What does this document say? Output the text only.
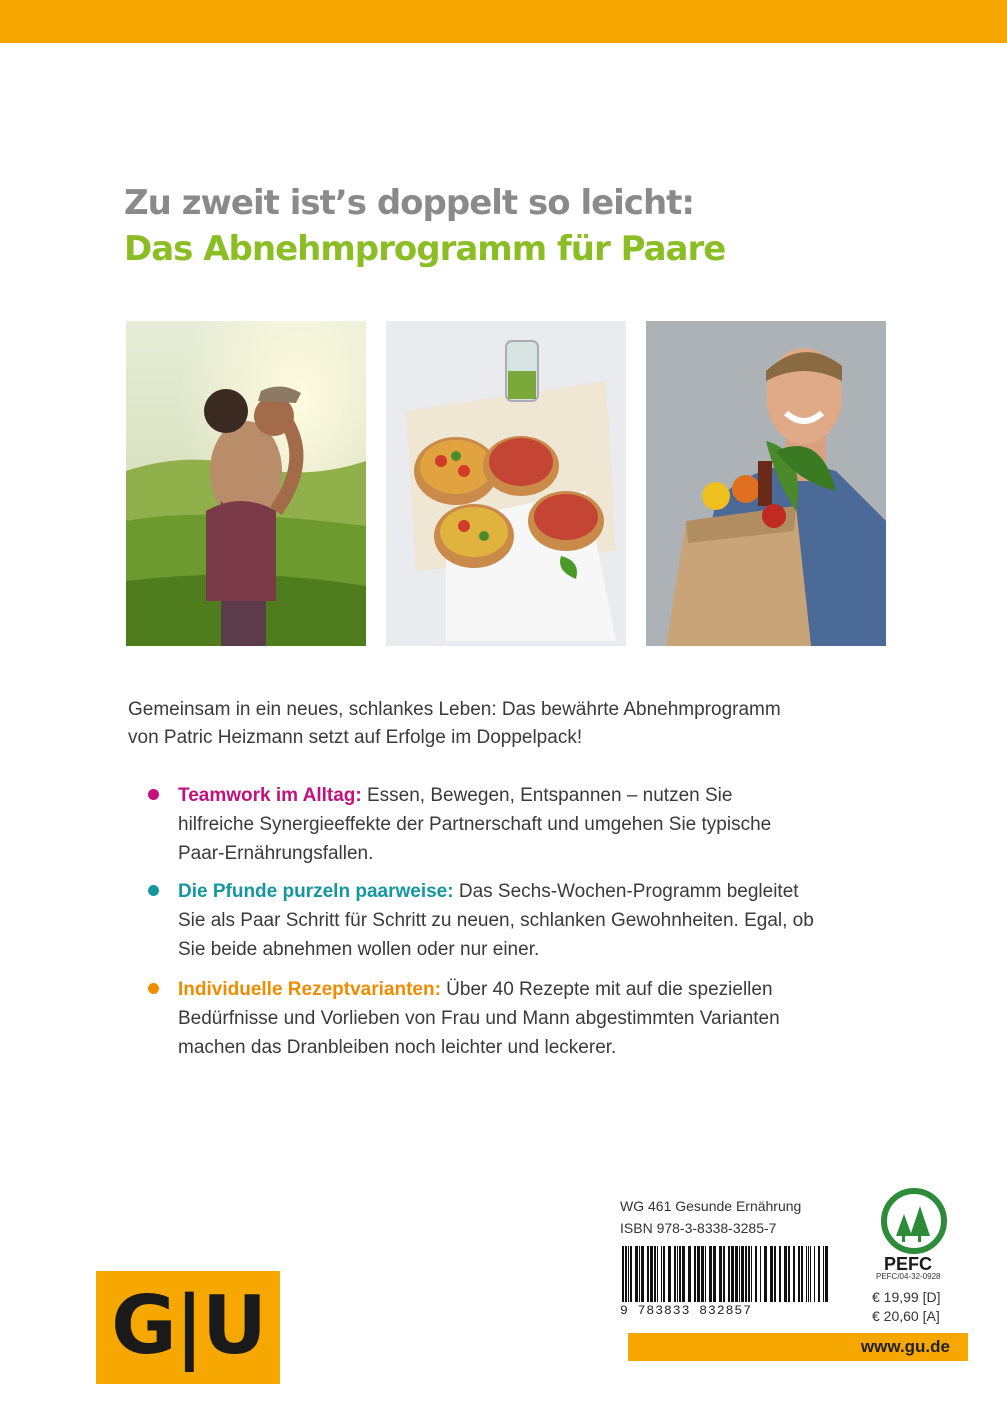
Zu zweit ist’s doppelt so leicht:
Das Abnehmprogramm für Paare
Gemeinsam in ein neues, schlankes Leben: Das bewährte Abnehmprogramm
von Patric Heizmann setzt auf Erfolge im Doppelpack!
Teamwork im Alltag: Essen, Bewegen, Entspannen – nutzen Sie
hilfreiche Synergieeffekte der Partnerschaft und umgehen Sie typische
Paar-Ernährungsfallen.
Die Pfunde purzeln paarweise: Das Sechs-Wochen-Programm begleitet
Sie als Paar Schritt für Schritt zu neuen, schlanken Gewohnheiten. Egal, ob
Sie beide abnehmen wollen oder nur einer.
Individuelle Rezeptvarianten: Über 40 Rezepte mit auf die speziellen
Bedürfnisse und Vorlieben von Frau und Mann abgestimmten Varianten
machen das Dranbleiben noch leichter und leckerer.
WG 461 Gesunde Ernährung
ISBN 978-3-8338-3285-7
9 783833 832857
PEFC
PEFC/04-32-0928
€ 19,99 [D]
€ 20,60 [A]
www.gu.de
G|U
